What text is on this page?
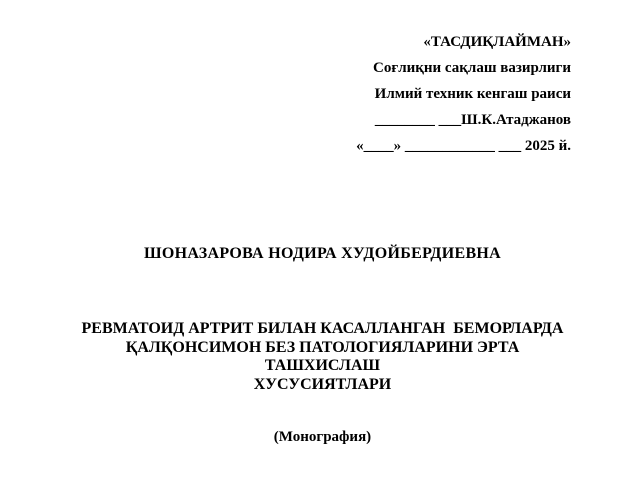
«ТАСДИҚЛАЙМАН»
Соғлиқни сақлаш вазирлиги
Илмий техник кенгаш раиси
________ ___Ш.К.Атаджанов
«____» ____________ ___ 2025 й.
ШОНАЗАРОВА НОДИРА ХУДОЙБЕРДИЕВНА
РЕВМАТОИД АРТРИТ БИЛАН КАСАЛЛАНГАН  БЕМОРЛАРДА
ҚАЛҚОНСИМОН БЕЗ ПАТОЛОГИЯЛАРИНИ ЭРТА ТАШХИСЛАШ
ХУСУСИЯТЛАРИ
(Монография)
